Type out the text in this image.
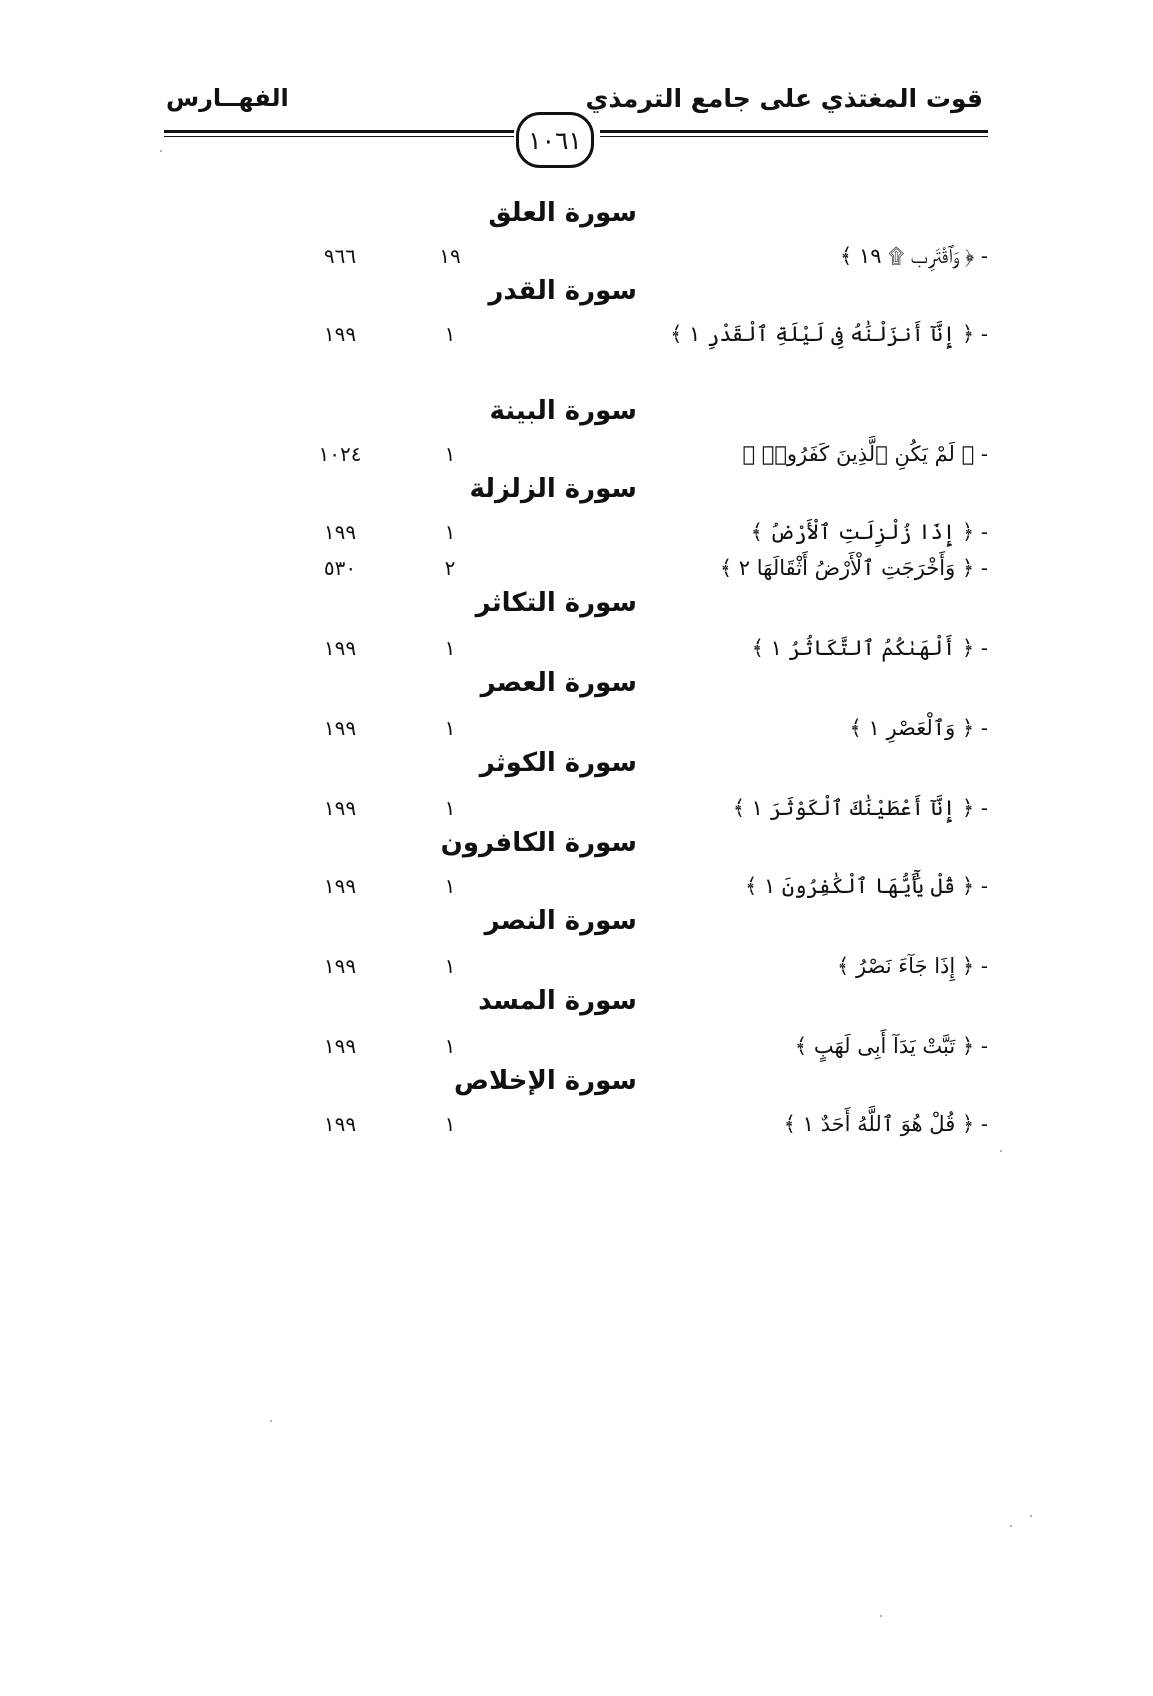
قوت المغتذي على جامع الترمذي
الفهــارس
١٠٦١
سورة العلق
- ﴿ وَٱقْتَرِب ۩ ١٩ ﴾
١٩
٩٦٦
سورة القدر
- ﴿ إِنَّآ أَنزَلْنَٰهُ فِى لَيْلَةِ ٱلْقَدْرِ ١ ﴾
١
١٩٩
سورة البينة
- ﴿ لَمْ يَكُنِ ٱلَّذِينَ كَفَرُوا۟ ﴾
١
١٠٢٤
سورة الزلزلة
- ﴿ إِذَا زُلْزِلَتِ ٱلْأَرْضُ ﴾
١
١٩٩
- ﴿ وَأَخْرَجَتِ ٱلْأَرْضُ أَثْقَالَهَا ٢ ﴾
٢
٥٣٠
سورة التكاثر
- ﴿ أَلْهَىٰكُمُ ٱلتَّكَاثُرُ ١ ﴾
١
١٩٩
سورة العصر
- ﴿ وَٱلْعَصْرِ ١ ﴾
١
١٩٩
سورة الكوثر
- ﴿ إِنَّآ أَعْطَيْنَٰكَ ٱلْكَوْثَرَ ١ ﴾
١
١٩٩
سورة الكافرون
- ﴿ قُلْ يَٰٓأَيُّهَا ٱلْكَٰفِرُونَ ١ ﴾
١
١٩٩
سورة النصر
- ﴿ إِذَا جَآءَ نَصْرُ ﴾
١
١٩٩
سورة المسد
- ﴿ تَبَّتْ يَدَآ أَبِى لَهَبٍ ﴾
١
١٩٩
سورة الإخلاص
- ﴿ قُلْ هُوَ ٱللَّهُ أَحَدٌ ١ ﴾
١
١٩٩
